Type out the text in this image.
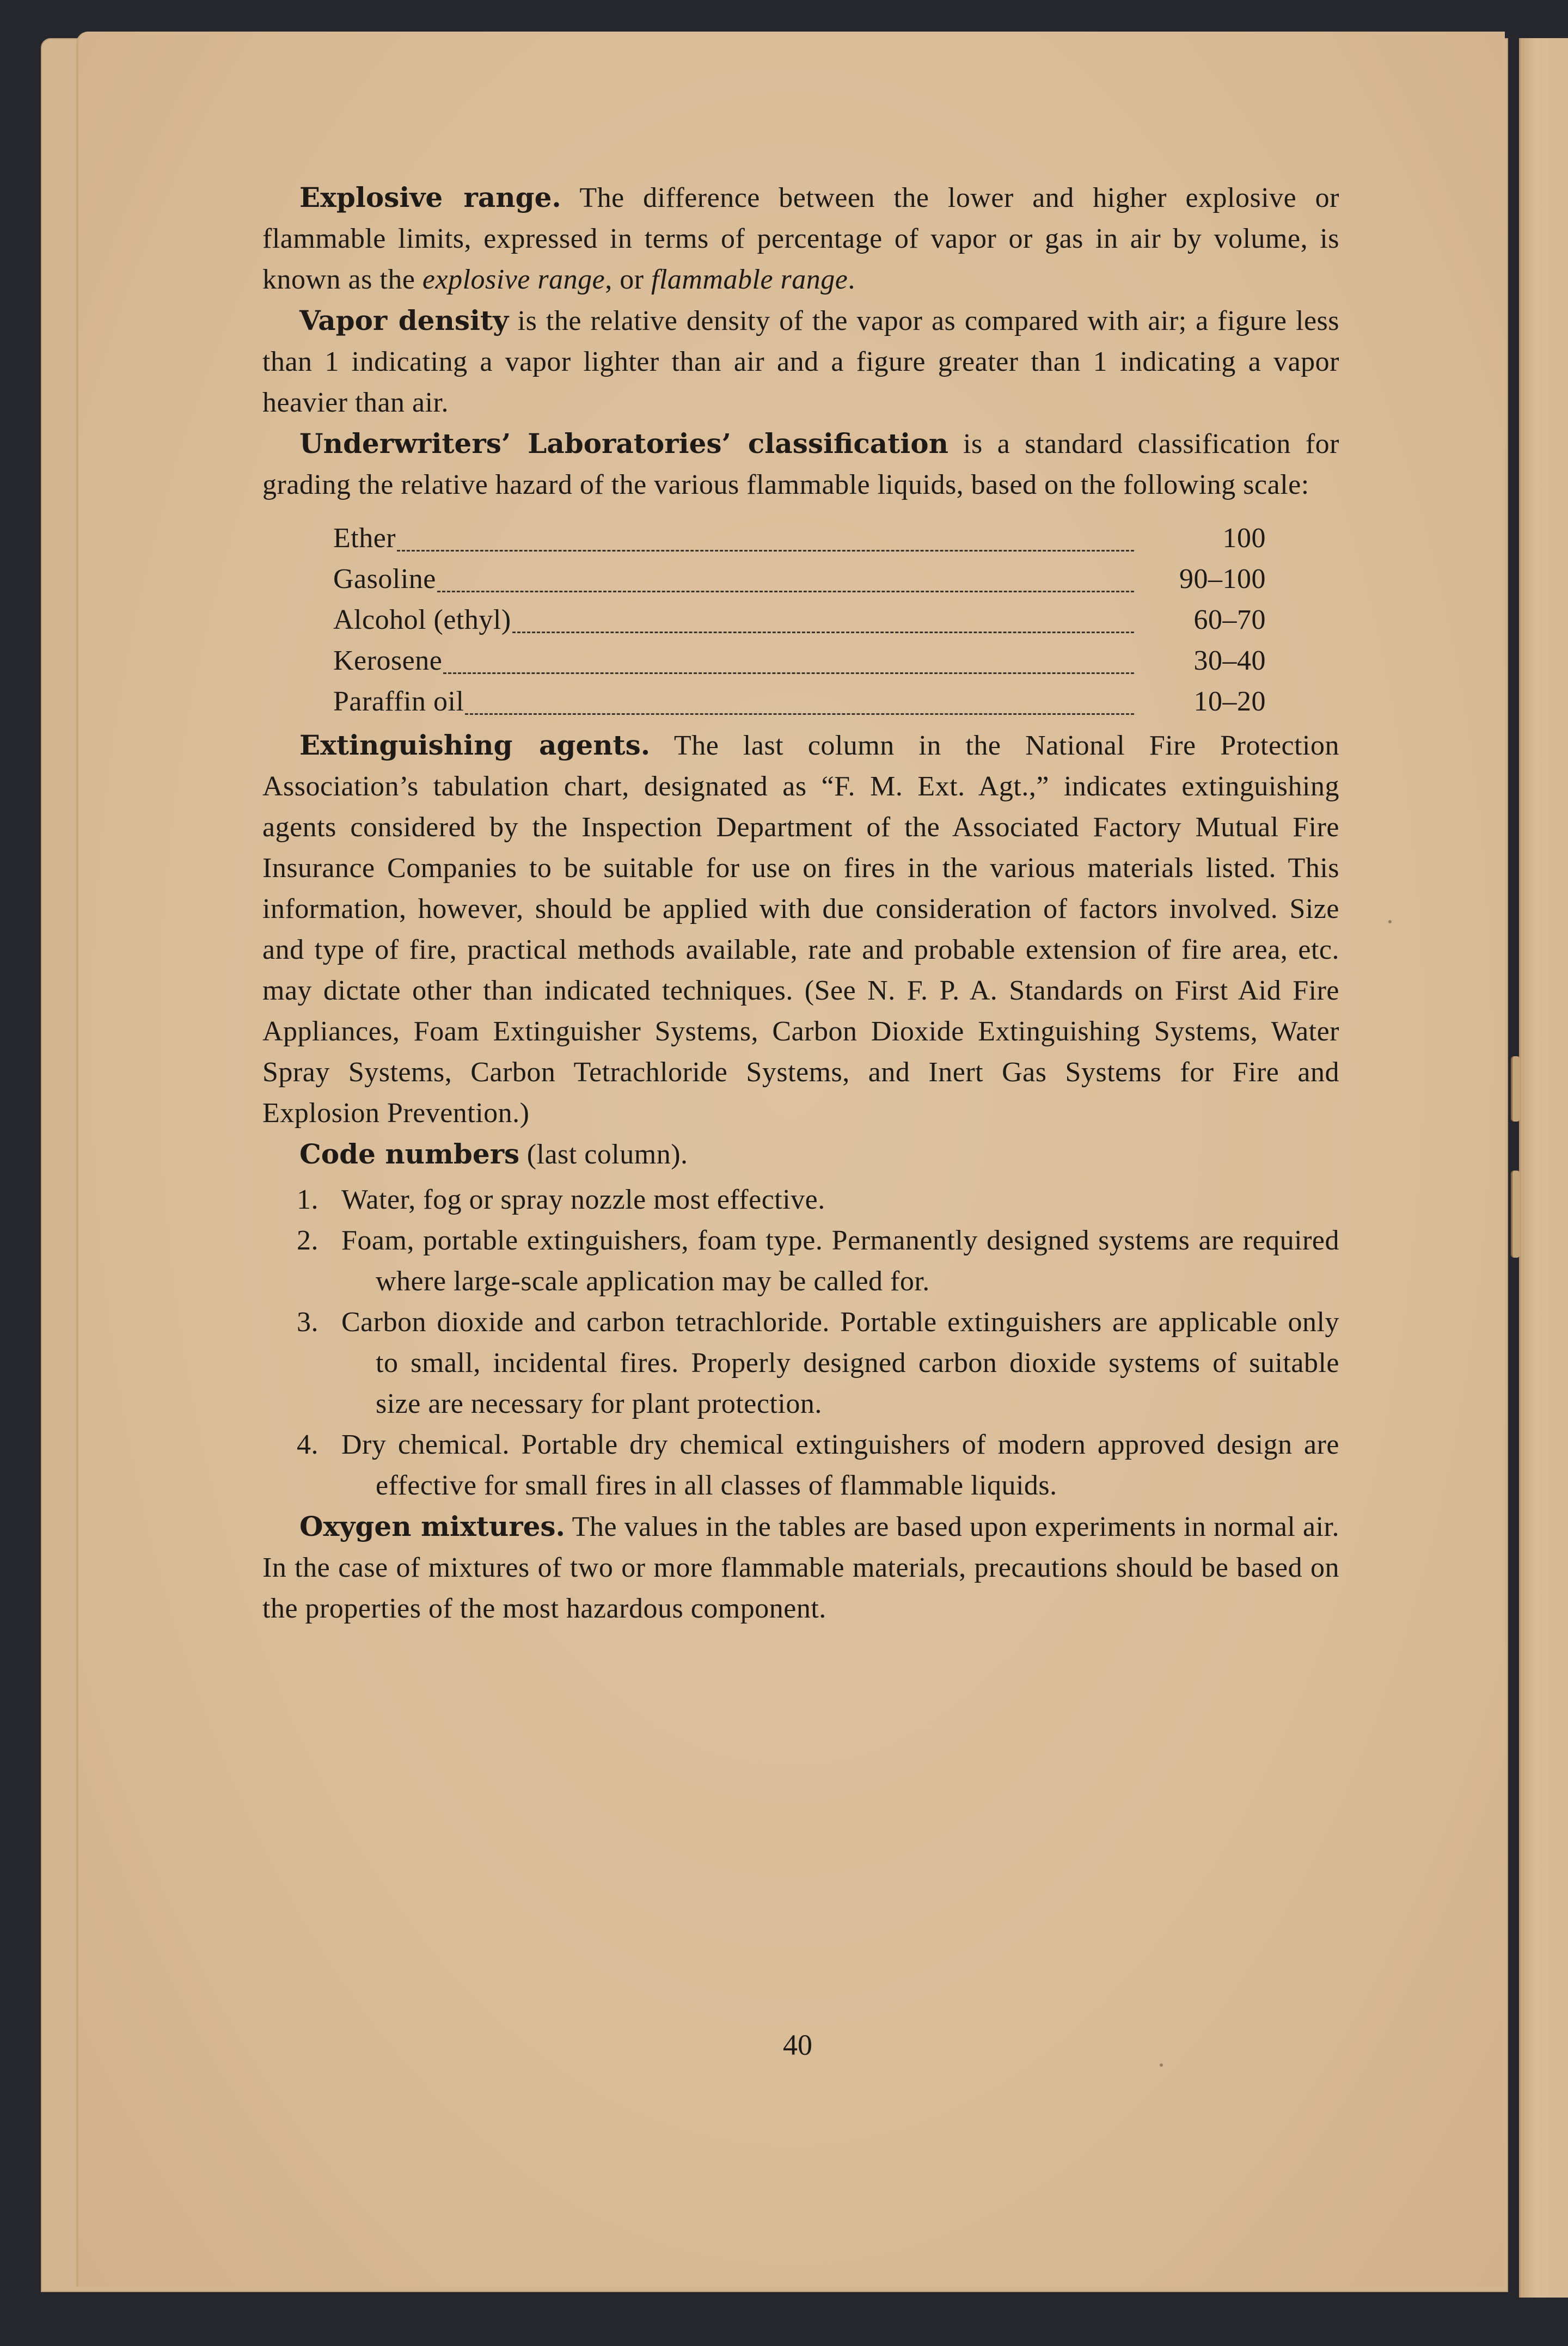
Explosive range. The difference between the lower and higher explosive or flammable limits, expressed in terms of percentage of vapor or gas in air by volume, is known as the explosive range, or flammable range.

Vapor density is the relative density of the vapor as compared with air; a figure less than 1 indicating a vapor lighter than air and a figure greater than 1 indicating a vapor heavier than air.

Underwriters’ Laboratories’ classification is a standard classification for grading the relative hazard of the various flammable liquids, based on the following scale:

Ether	100
Gasoline	90–100
Alcohol (ethyl)	60–70
Kerosene	30–40
Paraffin oil	10–20

Extinguishing agents. The last column in the National Fire Protection Association’s tabulation chart, designated as “F. M. Ext. Agt.,” indicates extinguishing agents considered by the Inspection Department of the Associated Factory Mutual Fire Insurance Companies to be suitable for use on fires in the various materials listed. This information, however, should be applied with due consideration of factors involved. Size and type of fire, practical methods available, rate and probable extension of fire area, etc. may dictate other than indicated techniques. (See N. F. P. A. Standards on First Aid Fire Appliances, Foam Extinguisher Systems, Carbon Dioxide Extinguishing Systems, Water Spray Systems, Carbon Tetrachloride Systems, and Inert Gas Systems for Fire and Explosion Prevention.)

Code numbers (last column).

1. Water, fog or spray nozzle most effective.
2. Foam, portable extinguishers, foam type. Permanently designed systems are required where large-scale application may be called for.
3. Carbon dioxide and carbon tetrachloride. Portable extinguishers are applicable only to small, incidental fires. Properly designed carbon dioxide systems of suitable size are necessary for plant protection.
4. Dry chemical. Portable dry chemical extinguishers of modern approved design are effective for small fires in all classes of flammable liquids.

Oxygen mixtures. The values in the tables are based upon experiments in normal air. In the case of mixtures of two or more flammable materials, precautions should be based on the properties of the most hazardous component.

40
